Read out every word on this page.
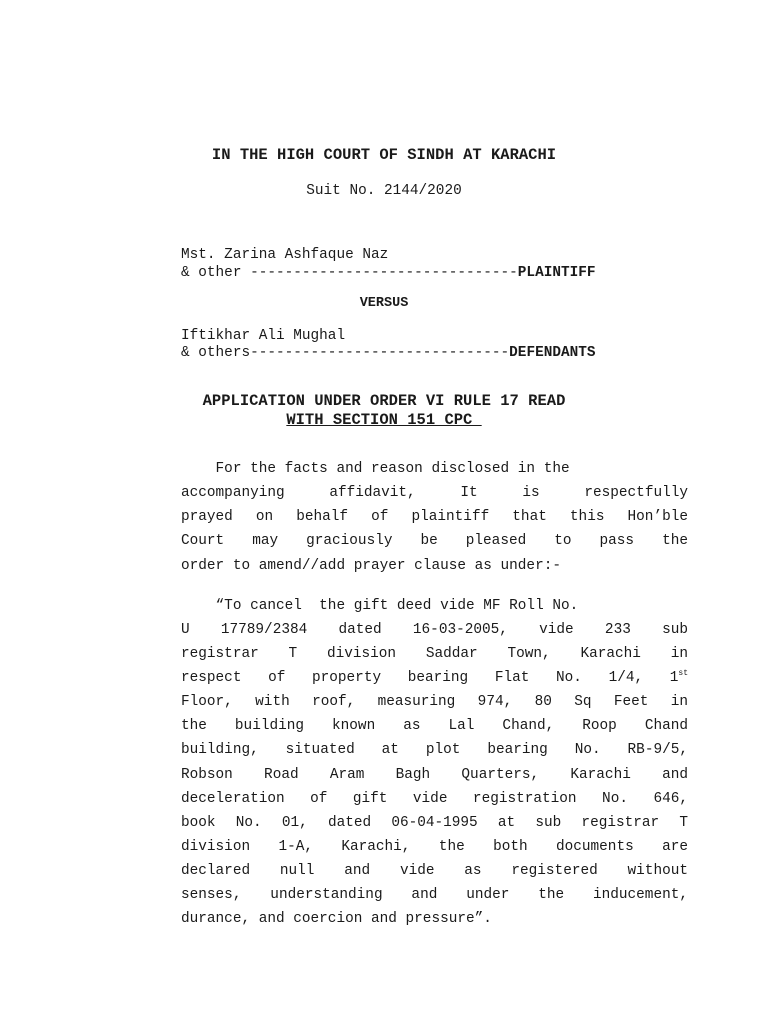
IN THE HIGH COURT OF SINDH AT KARACHI
Suit No. 2144/2020
Mst. Zarina Ashfaque Naz
& other -------------------------------PLAINTIFF
VERSUS
Iftikhar Ali Mughal
& others------------------------------DEFENDANTS
APPLICATION UNDER ORDER VI RULE 17 READ
WITH SECTION 151 CPC
For the facts and reason disclosed in the
accompanying affidavit, It is respectfully
prayed on behalf of plaintiff that this Hon’ble
Court may graciously be pleased to pass the
order to amend//add prayer clause as under:-
“To cancel  the gift deed vide MF Roll No.
U 17789/2384 dated 16-03-2005, vide 233 sub
registrar T division Saddar Town, Karachi in
respect of property bearing Flat No. 1/4, 1st
Floor, with roof, measuring 974, 80 Sq Feet in
the building known as Lal Chand, Roop Chand
building, situated at plot bearing No. RB-9/5,
Robson Road Aram Bagh Quarters, Karachi and
deceleration of gift vide registration No. 646,
book No. 01, dated 06-04-1995 at sub registrar T
division 1-A, Karachi, the both documents are
declared null and vide as registered without
senses, understanding and under the inducement,
durance, and coercion and pressure”.
